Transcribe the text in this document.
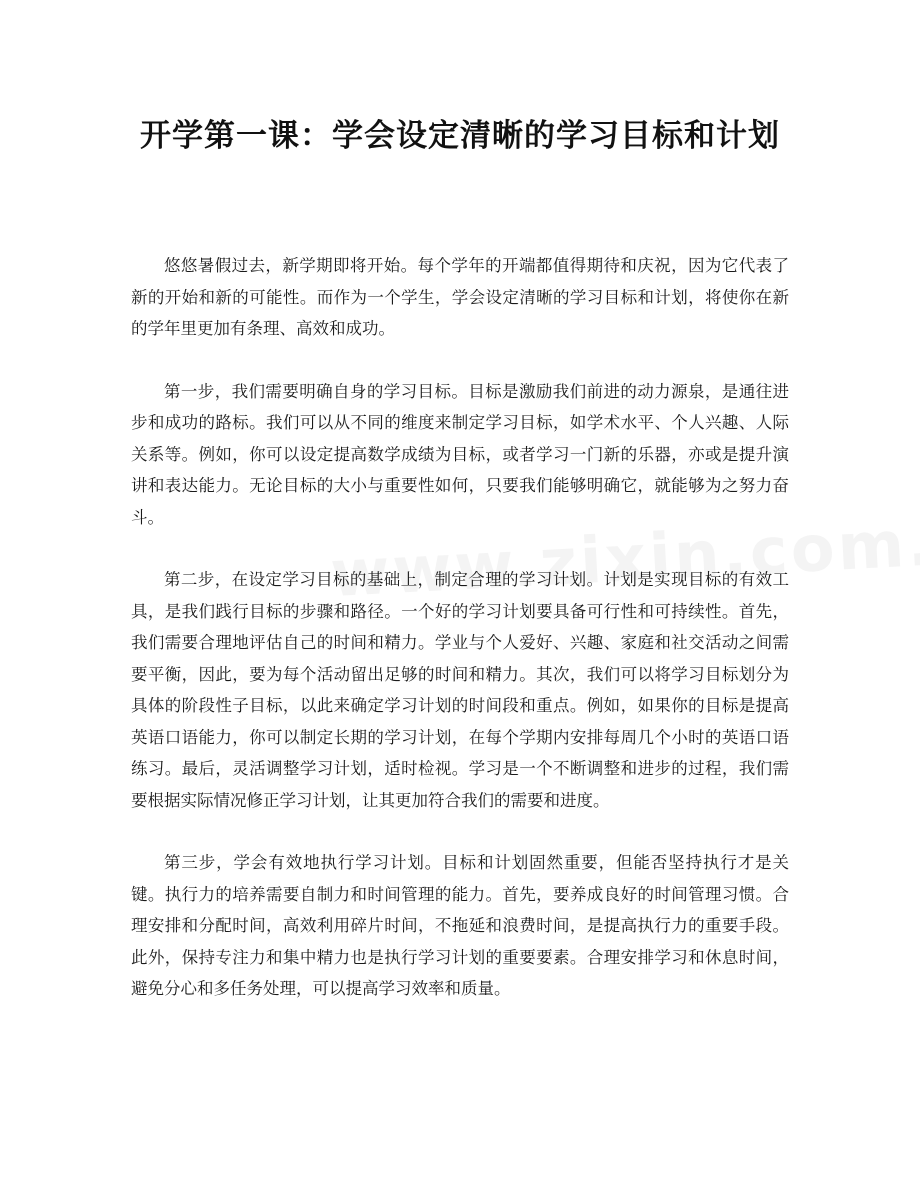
开学第一课：学会设定清晰的学习目标和计划

悠悠暑假过去，新学期即将开始。每个学年的开端都值得期待和庆祝，因为它代表了新的开始和新的可能性。而作为一个学生，学会设定清晰的学习目标和计划，将使你在新的学年里更加有条理、高效和成功。

第一步，我们需要明确自身的学习目标。目标是激励我们前进的动力源泉，是通往进步和成功的路标。我们可以从不同的维度来制定学习目标，如学术水平、个人兴趣、人际关系等。例如，你可以设定提高数学成绩为目标，或者学习一门新的乐器，亦或是提升演讲和表达能力。无论目标的大小与重要性如何，只要我们能够明确它，就能够为之努力奋斗。

第二步，在设定学习目标的基础上，制定合理的学习计划。计划是实现目标的有效工具，是我们践行目标的步骤和路径。一个好的学习计划要具备可行性和可持续性。首先，我们需要合理地评估自己的时间和精力。学业与个人爱好、兴趣、家庭和社交活动之间需要平衡，因此，要为每个活动留出足够的时间和精力。其次，我们可以将学习目标划分为具体的阶段性子目标，以此来确定学习计划的时间段和重点。例如，如果你的目标是提高英语口语能力，你可以制定长期的学习计划，在每个学期内安排每周几个小时的英语口语练习。最后，灵活调整学习计划，适时检视。学习是一个不断调整和进步的过程，我们需要根据实际情况修正学习计划，让其更加符合我们的需要和进度。

第三步，学会有效地执行学习计划。目标和计划固然重要，但能否坚持执行才是关键。执行力的培养需要自制力和时间管理的能力。首先，要养成良好的时间管理习惯。合理安排和分配时间，高效利用碎片时间，不拖延和浪费时间，是提高执行力的重要手段。此外，保持专注力和集中精力也是执行学习计划的重要要素。合理安排学习和休息时间，避免分心和多任务处理，可以提高学习效率和质量。
